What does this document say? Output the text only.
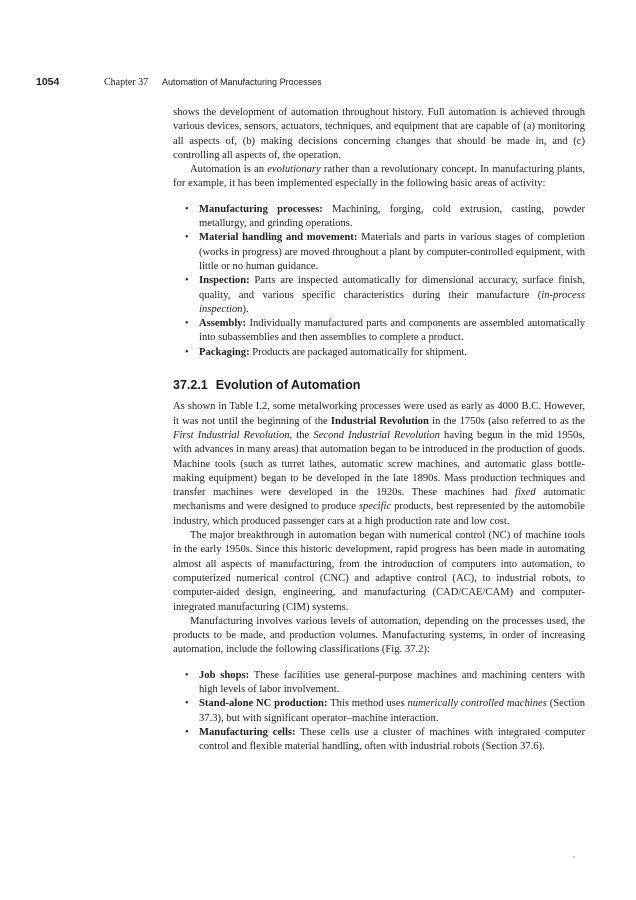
1054	Chapter 37 Automation of Manufacturing Processes

shows the development of automation throughout history. Full automation is achieved through various devices, sensors, actuators, techniques, and equipment that are capable of (a) monitoring all aspects of, (b) making decisions concerning changes that should be made in, and (c) controlling all aspects of, the operation.

Automation is an evolutionary rather than a revolutionary concept. In manufacturing plants, for example, it has been implemented especially in the following basic areas of activity:

• Manufacturing processes: Machining, forging, cold extrusion, casting, powder metallurgy, and grinding operations.
• Material handling and movement: Materials and parts in various stages of completion (works in progress) are moved throughout a plant by computer-controlled equipment, with little or no human guidance.
• Inspection: Parts are inspected automatically for dimensional accuracy, surface finish, quality, and various specific characteristics during their manufacture (in-process inspection).
• Assembly: Individually manufactured parts and components are assembled automatically into subassemblies and then assemblies to complete a product.
• Packaging: Products are packaged automatically for shipment.
37.2.1 Evolution of Automation

As shown in Table I.2, some metalworking processes were used as early as 4000 B.C. However, it was not until the beginning of the Industrial Revolution in the 1750s (also referred to as the First Industrial Revolution, the Second Industrial Revolution having begun in the mid 1950s, with advances in many areas) that automation began to be introduced in the production of goods. Machine tools (such as turret lathes, automatic screw machines, and automatic glass bottle-making equipment) began to be developed in the late 1890s. Mass production techniques and transfer machines were developed in the 1920s. These machines had fixed automatic mechanisms and were designed to produce specific products, best represented by the automobile industry, which produced passenger cars at a high production rate and low cost.

The major breakthrough in automation began with numerical control (NC) of machine tools in the early 1950s. Since this historic development, rapid progress has been made in automating almost all aspects of manufacturing, from the introduction of computers into automation, to computerized numerical control (CNC) and adaptive control (AC), to industrial robots, to computer-aided design, engineering, and manufacturing (CAD/CAE/CAM) and computer-integrated manufacturing (CIM) systems.

Manufacturing involves various levels of automation, depending on the processes used, the products to be made, and production volumes. Manufacturing systems, in order of increasing automation, include the following classifications (Fig. 37.2):

• Job shops: These facilities use general-purpose machines and machining centers with high levels of labor involvement.
• Stand-alone NC production: This method uses numerically controlled machines (Section 37.3), but with significant operator–machine interaction.
• Manufacturing cells: These cells use a cluster of machines with integrated computer control and flexible material handling, often with industrial robots (Section 37.6).
